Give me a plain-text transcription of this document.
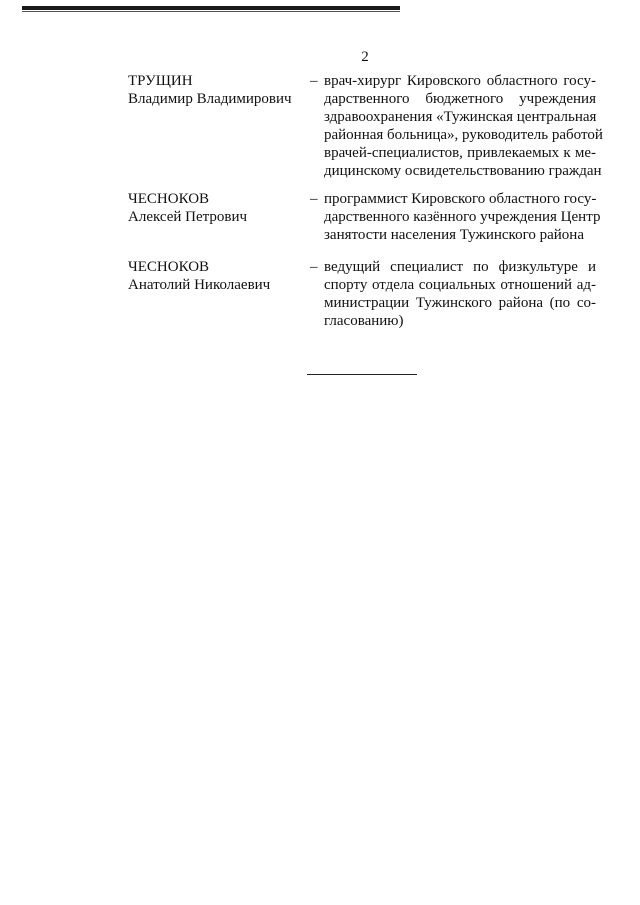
2
ТРУЩИН
Владимир Владимирович
– врач-хирург Кировского областного госу-
дарственного бюджетного учреждения
здравоохранения «Тужинская центральная
районная больница», руководитель работой
врачей-специалистов, привлекаемых к ме-
дицинскому освидетельствованию граждан
ЧЕСНОКОВ
Алексей Петрович
– программист Кировского областного госу-
дарственного казённого учреждения Центр
занятости населения Тужинского района
ЧЕСНОКОВ
Анатолий Николаевич
– ведущий специалист по физкультуре и
спорту отдела социальных отношений ад-
министрации Тужинского района (по со-
гласованию)
